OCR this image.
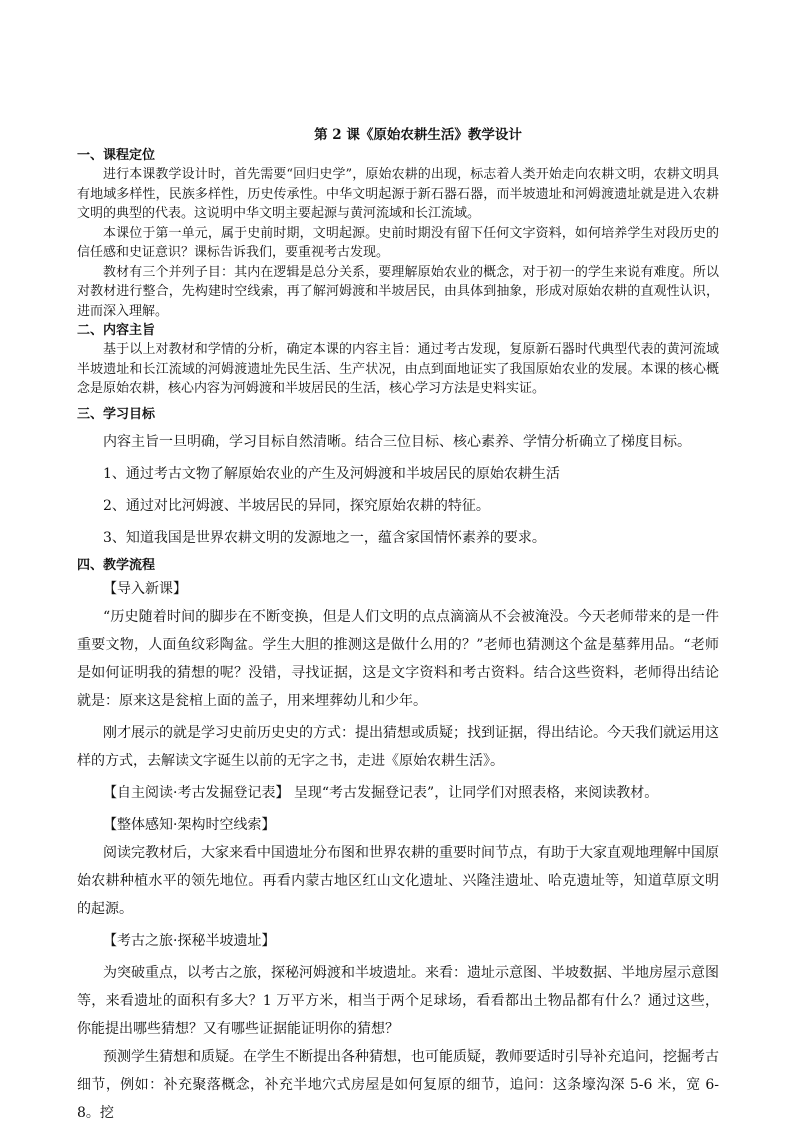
第 2 课《原始农耕生活》教学设计

一、课程定位

进行本课教学设计时，首先需要“回归史学”，原始农耕的出现，标志着人类开始走向农耕文明，农耕文明具有地域多样性，民族多样性，历史传承性。中华文明起源于新石器石器，而半坡遗址和河姆渡遗址就是进入农耕文明的典型的代表。这说明中华文明主要起源与黄河流域和长江流域。

本课位于第一单元，属于史前时期，文明起源。史前时期没有留下任何文字资料，如何培养学生对段历史的信任感和史证意识？课标告诉我们，要重视考古发现。

教材有三个并列子目：其内在逻辑是总分关系，要理解原始农业的概念，对于初一的学生来说有难度。所以对教材进行整合，先构建时空线索，再了解河姆渡和半坡居民，由具体到抽象，形成对原始农耕的直观性认识，进而深入理解。

二、内容主旨

基于以上对教材和学情的分析，确定本课的内容主旨：通过考古发现，复原新石器时代典型代表的黄河流域半坡遗址和长江流域的河姆渡遗址先民生活、生产状况，由点到面地证实了我国原始农业的发展。本课的核心概念是原始农耕，核心内容为河姆渡和半坡居民的生活，核心学习方法是史料实证。

三、学习目标

内容主旨一旦明确，学习目标自然清晰。结合三位目标、核心素养、学情分析确立了梯度目标。

1、通过考古文物了解原始农业的产生及河姆渡和半坡居民的原始农耕生活

2、通过对比河姆渡、半坡居民的异同，探究原始农耕的特征。

3、知道我国是世界农耕文明的发源地之一，蕴含家国情怀素养的要求。

四、教学流程

【导入新课】

“历史随着时间的脚步在不断变换，但是人们文明的点点滴滴从不会被淹没。今天老师带来的是一件重要文物，人面鱼纹彩陶盆。学生大胆的推测这是做什么用的？”老师也猜测这个盆是墓葬用品。“老师是如何证明我的猜想的呢？没错，寻找证据，这是文字资料和考古资料。结合这些资料，老师得出结论就是：原来这是瓮棺上面的盖子，用来埋葬幼儿和少年。

刚才展示的就是学习史前历史史的方式：提出猜想或质疑；找到证据，得出结论。今天我们就运用这样的方式，去解读文字诞生以前的无字之书，走进《原始农耕生活》。

【自主阅读·考古发掘登记表】 呈现“考古发掘登记表”，让同学们对照表格，来阅读教材。

【整体感知·架构时空线索】

阅读完教材后，大家来看中国遗址分布图和世界农耕的重要时间节点，有助于大家直观地理解中国原始农耕种植水平的领先地位。再看内蒙古地区红山文化遗址、兴隆洼遗址、哈克遗址等，知道草原文明的起源。

【考古之旅·探秘半坡遗址】

为突破重点，以考古之旅，探秘河姆渡和半坡遗址。来看：遗址示意图、半坡数据、半地房屋示意图等，来看遗址的面积有多大？1 万平方米，相当于两个足球场，看看都出土物品都有什么？通过这些，你能提出哪些猜想？又有哪些证据能证明你的猜想？

预测学生猜想和质疑。在学生不断提出各种猜想，也可能质疑，教师要适时引导补充追问，挖掘考古细节，例如：补充聚落概念，补充半地穴式房屋是如何复原的细节，追问：这条壕沟深 5-6 米，宽 6-8。挖
